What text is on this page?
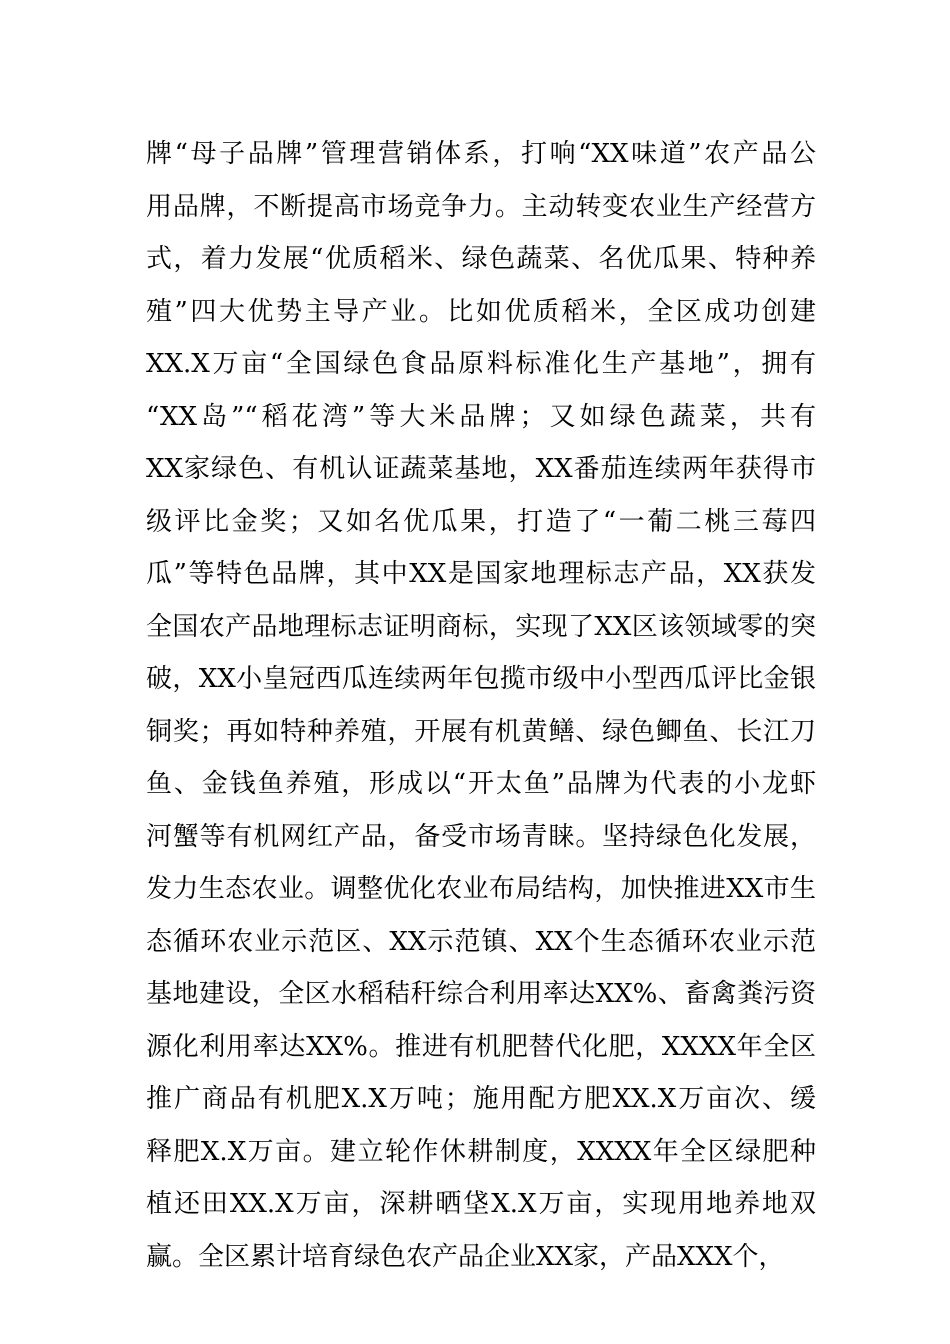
牌“母子品牌”管理营销体系，打响“XX味道”农产品公
用品牌，不断提高市场竞争力。主动转变农业生产经营方
式，着力发展“优质稻米、绿色蔬菜、名优瓜果、特种养
殖”四大优势主导产业。比如优质稻米，全区成功创建
XX.X万亩“全国绿色食品原料标准化生产基地”，拥有
“XX岛”“稻花湾”等大米品牌；又如绿色蔬菜，共有
XX家绿色、有机认证蔬菜基地，XX番茄连续两年获得市
级评比金奖；又如名优瓜果，打造了“一葡二桃三莓四
瓜”等特色品牌，其中XX是国家地理标志产品，XX获发
全国农产品地理标志证明商标，实现了XX区该领域零的突
破，XX小皇冠西瓜连续两年包揽市级中小型西瓜评比金银
铜奖；再如特种养殖，开展有机黄鳝、绿色鲫鱼、长江刀
鱼、金钱鱼养殖，形成以“开太鱼”品牌为代表的小龙虾
河蟹等有机网红产品，备受市场青睐。坚持绿色化发展，
发力生态农业。调整优化农业布局结构，加快推进XX市生
态循环农业示范区、XX示范镇、XX个生态循环农业示范
基地建设，全区水稻秸秆综合利用率达XX%、畜禽粪污资
源化利用率达XX%。推进有机肥替代化肥，XXXX年全区
推广商品有机肥X.X万吨；施用配方肥XX.X万亩次、缓
释肥X.X万亩。建立轮作休耕制度，XXXX年全区绿肥种
植还田XX.X万亩，深耕晒垡X.X万亩，实现用地养地双
赢。全区累计培育绿色农产品企业XX家，产品XXX个，
